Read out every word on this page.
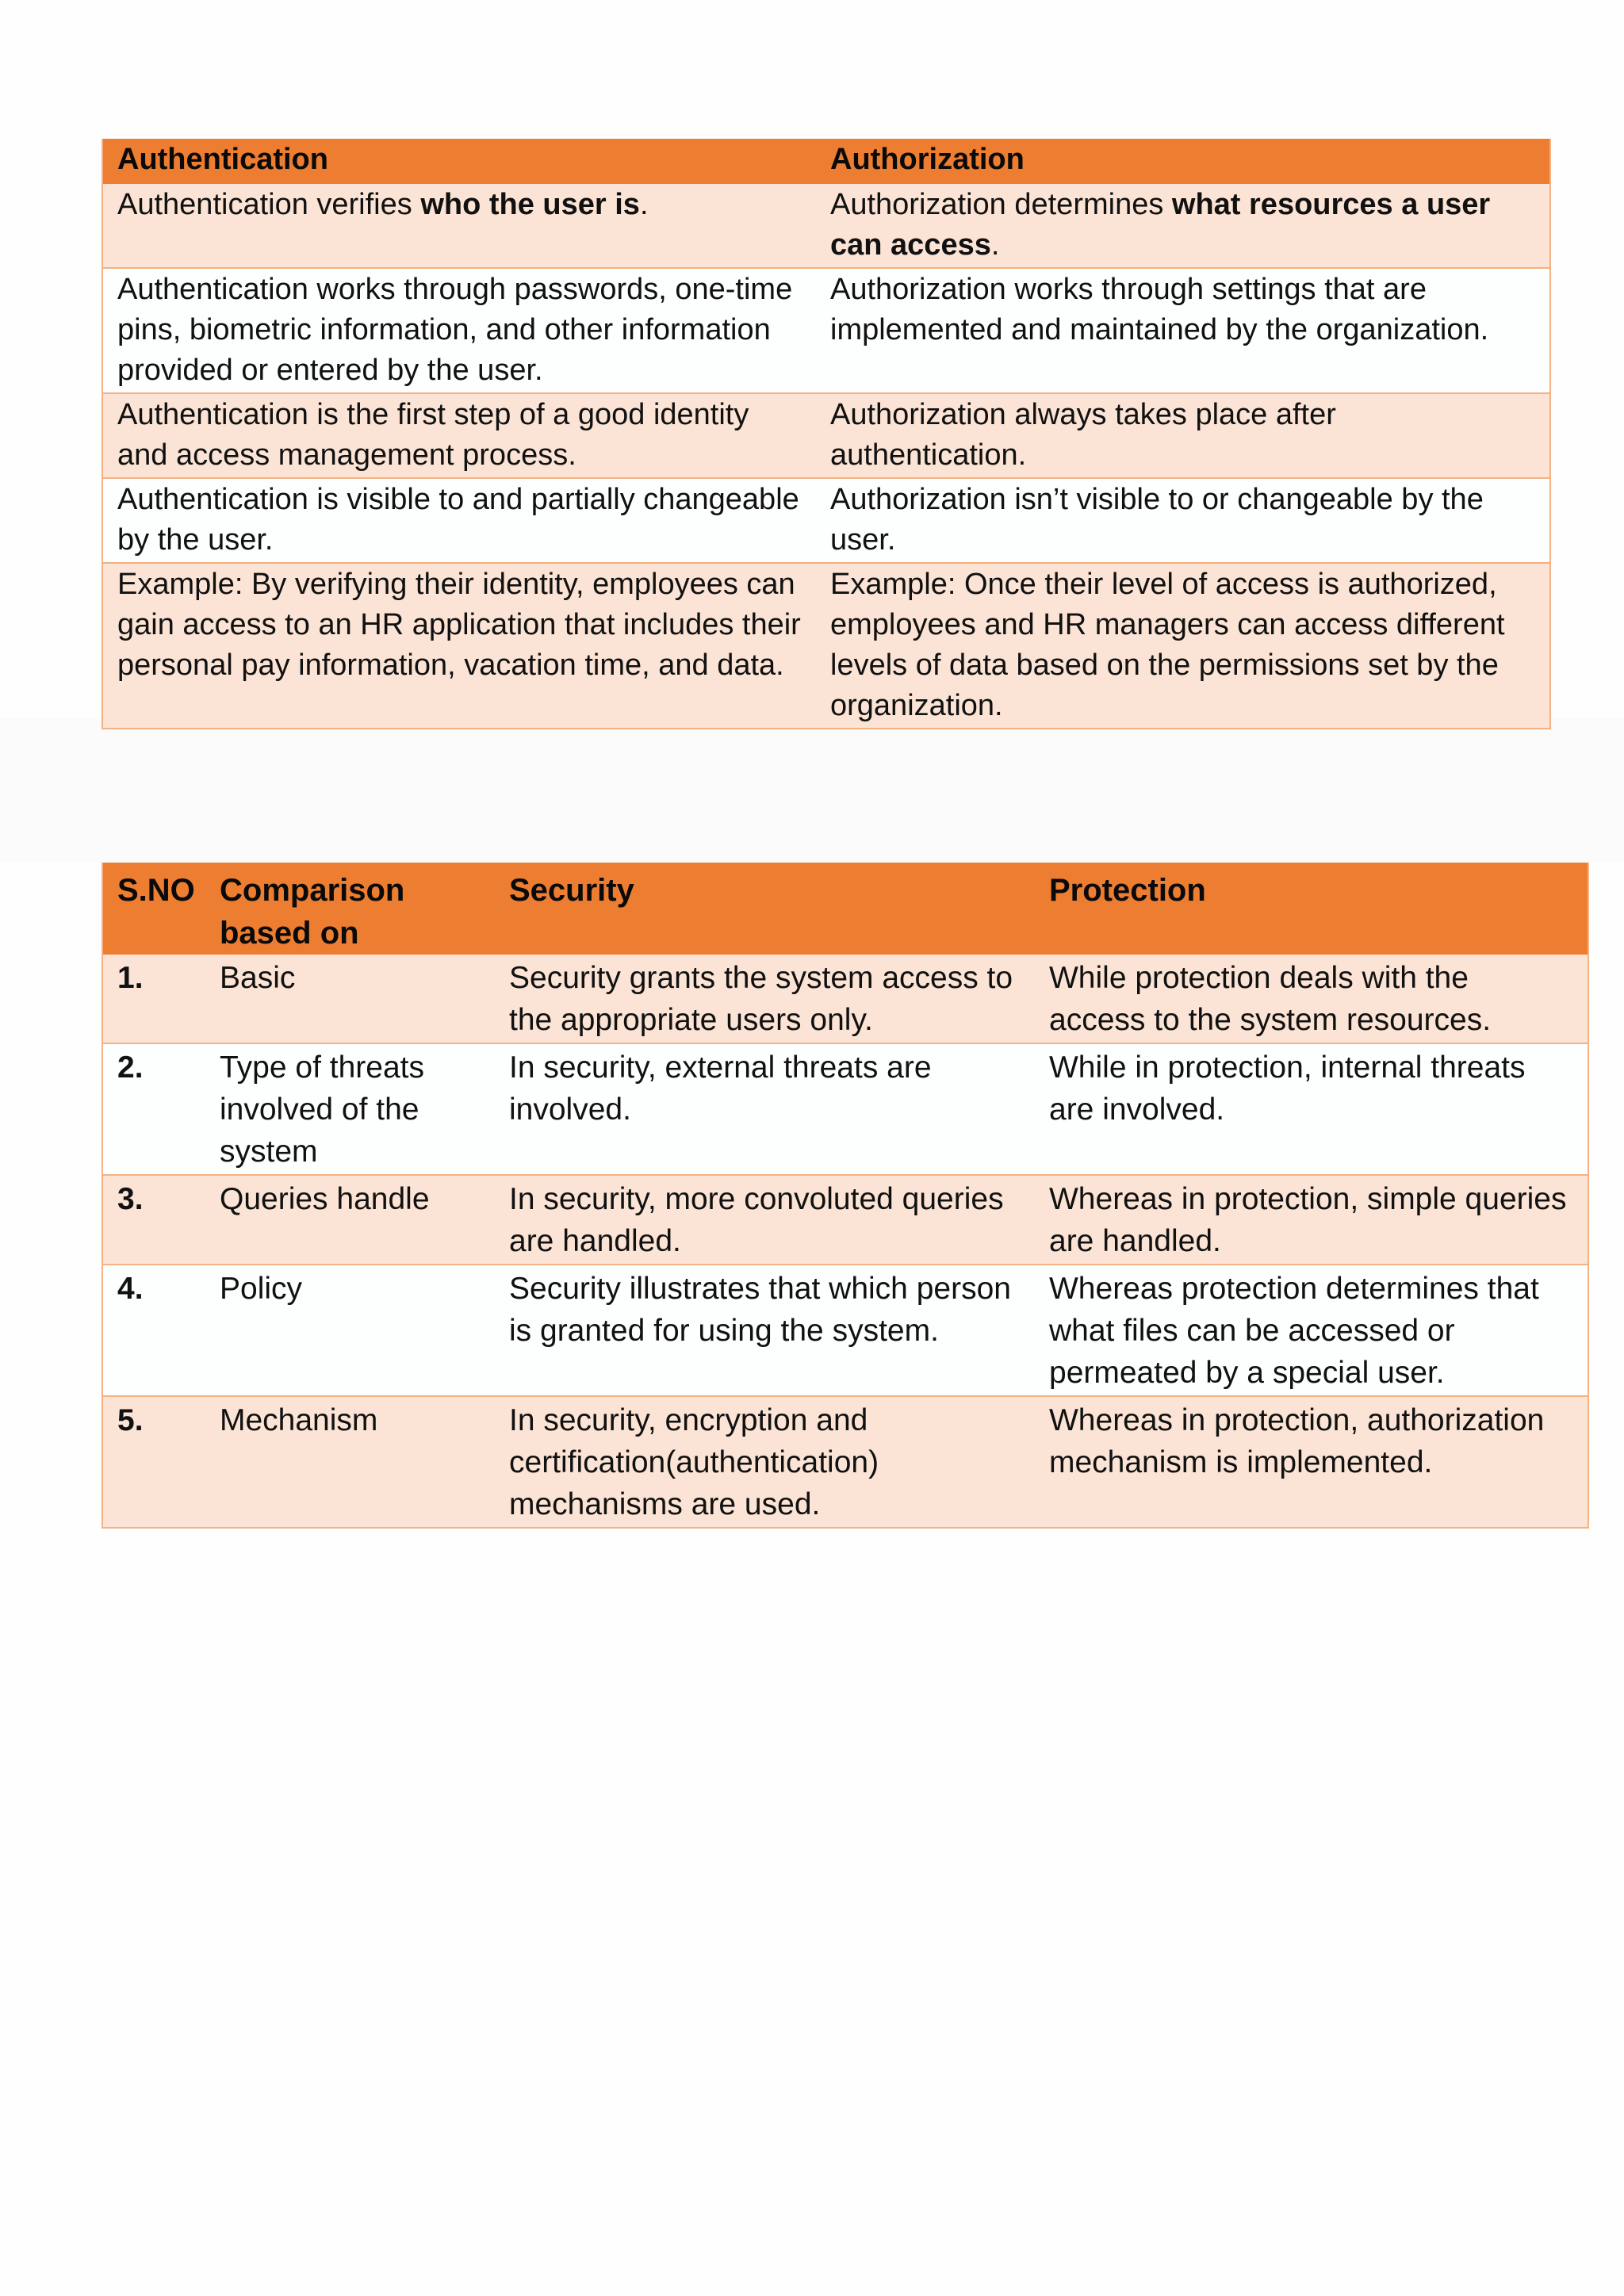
Authentication	Authorization
Authentication verifies who the user is.	Authorization determines what resources a user can access.
Authentication works through passwords, one-time pins, biometric information, and other information provided or entered by the user.	Authorization works through settings that are implemented and maintained by the organization.
Authentication is the first step of a good identity and access management process.	Authorization always takes place after authentication.
Authentication is visible to and partially changeable by the user.	Authorization isn’t visible to or changeable by the user.
Example: By verifying their identity, employees can gain access to an HR application that includes their personal pay information, vacation time, and data.	Example: Once their level of access is authorized, employees and HR managers can access different levels of data based on the permissions set by the organization.
S.NO	Comparison based on	Security	Protection
1.	Basic	Security grants the system access to the appropriate users only.	While protection deals with the access to the system resources.
2.	Type of threats involved of the system	In security, external threats are involved.	While in protection, internal threats are involved.
3.	Queries handle	In security, more convoluted queries are handled.	Whereas in protection, simple queries are handled.
4.	Policy	Security illustrates that which person is granted for using the system.	Whereas protection determines that what files can be accessed or permeated by a special user.
5.	Mechanism	In security, encryption and certification(authentication) mechanisms are used.	Whereas in protection, authorization mechanism is implemented.
